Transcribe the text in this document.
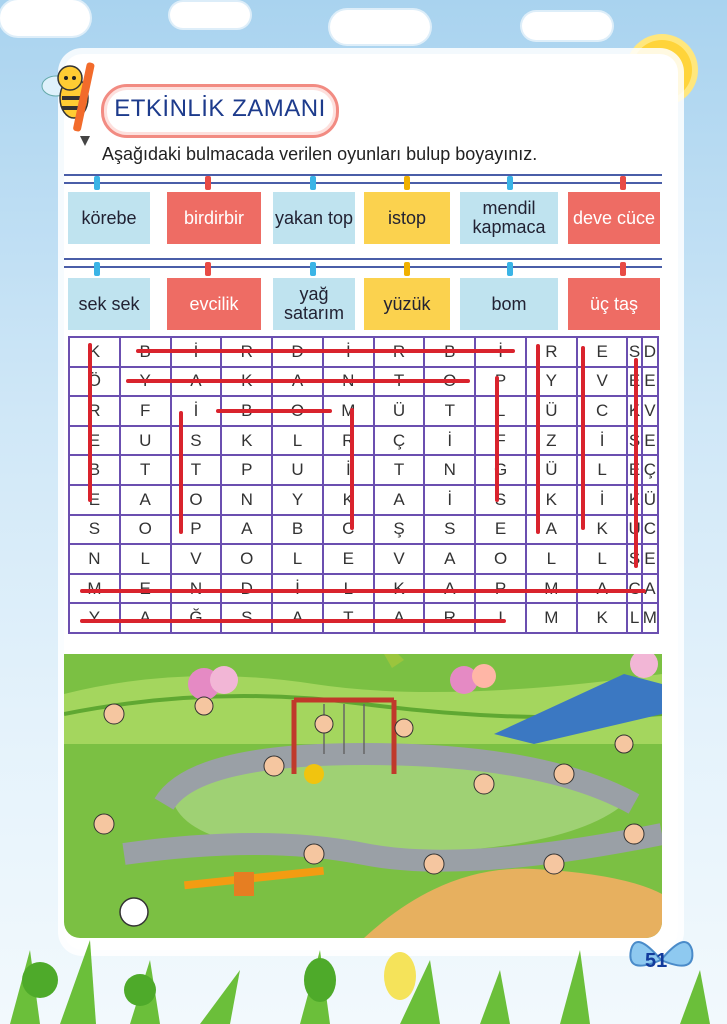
ETKİNLİK ZAMANI
Aşağıdaki bulmacada verilen oyunları bulup boyayınız.
körebe	birdirbir	yakan top	istop	mendil kapmaca	deve cüce
sek sek	evcilik	yağ satarım	yüzük	bom	üç taş
K	B	İ	R	D	İ	R	B	İ	R	E	S	D
Ö	Y	A	K	A	N	T	O	P	Y	V	E	E
R	F	İ	B	O	M	Ü	T	L	Ü	C	K	V
E	U	S	K	L	R	Ç	İ	F	Z	İ	S	E
B	T	T	P	U	İ	T	N	G	Ü	L	E	Ç
E	A	O	N	Y	K	A	İ	S	K	İ	K	Ü
S	O	P	A	B	C	Ş	S	E	A	K	U	C
N	L	V	O	L	E	V	A	O	L	L	S	E
M	E	N	D	İ	L	K	A	P	M	A	C	A
Y	A	Ğ	S	A	T	A	R	I	M	K	L	M
51
